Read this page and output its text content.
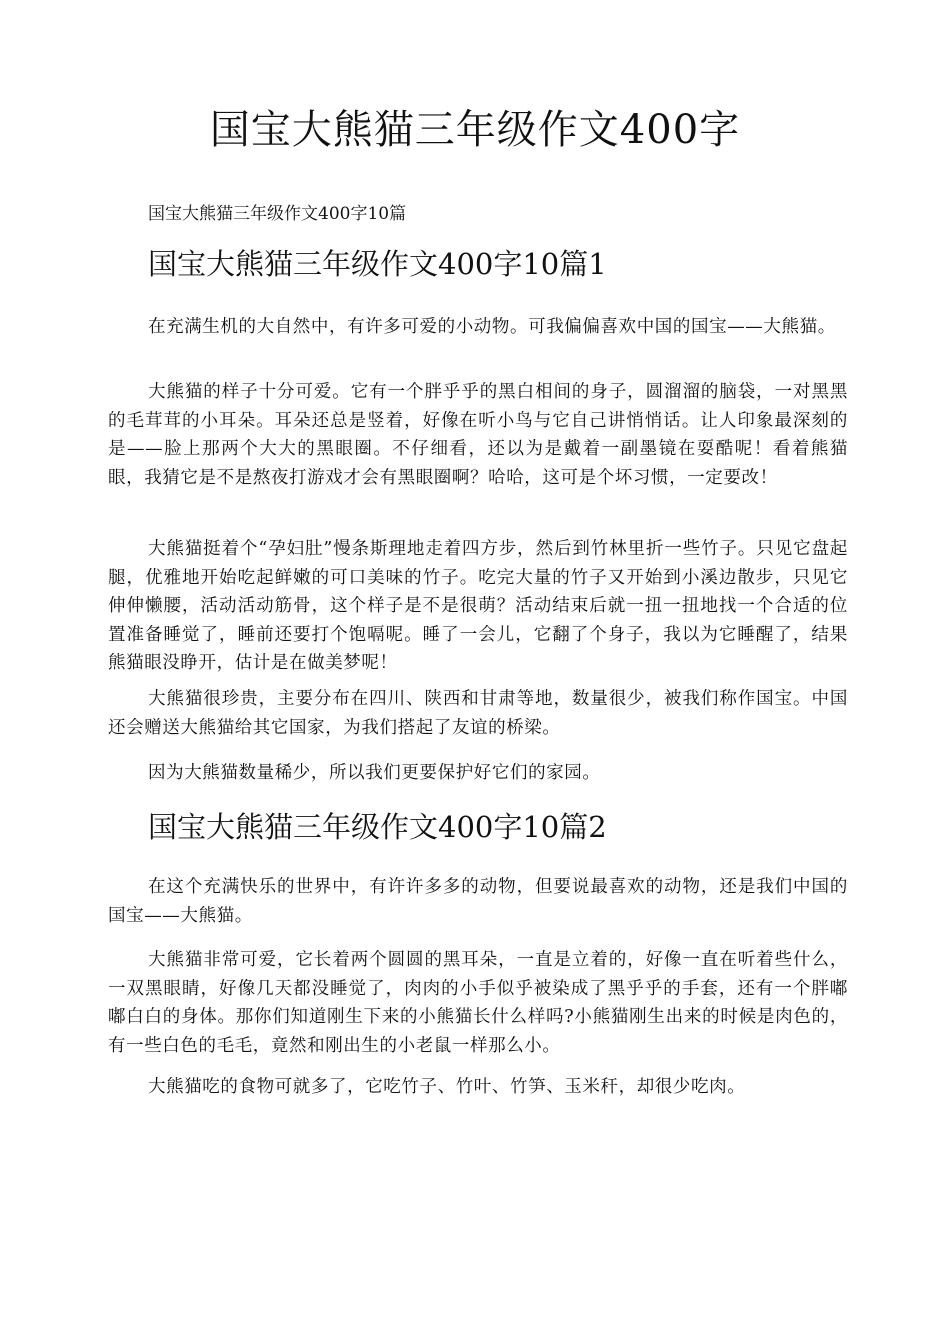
国宝大熊猫三年级作文400字

国宝大熊猫三年级作文400字10篇

国宝大熊猫三年级作文400字10篇1

在充满生机的大自然中，有许多可爱的小动物。可我偏偏喜欢中国的国宝——大熊猫。

大熊猫的样子十分可爱。它有一个胖乎乎的黑白相间的身子，圆溜溜的脑袋，一对黑黑的毛茸茸的小耳朵。耳朵还总是竖着，好像在听小鸟与它自己讲悄悄话。让人印象最深刻的是——脸上那两个大大的黑眼圈。不仔细看，还以为是戴着一副墨镜在耍酷呢！看着熊猫眼，我猜它是不是熬夜打游戏才会有黑眼圈啊？哈哈，这可是个坏习惯，一定要改！

大熊猫挺着个“孕妇肚”慢条斯理地走着四方步，然后到竹林里折一些竹子。只见它盘起腿，优雅地开始吃起鲜嫩的可口美味的竹子。吃完大量的竹子又开始到小溪边散步，只见它伸伸懒腰，活动活动筋骨，这个样子是不是很萌？活动结束后就一扭一扭地找一个合适的位置准备睡觉了，睡前还要打个饱嗝呢。睡了一会儿，它翻了个身子，我以为它睡醒了，结果熊猫眼没睁开，估计是在做美梦呢！

大熊猫很珍贵，主要分布在四川、陕西和甘肃等地，数量很少，被我们称作国宝。中国还会赠送大熊猫给其它国家，为我们搭起了友谊的桥梁。

因为大熊猫数量稀少，所以我们更要保护好它们的家园。

国宝大熊猫三年级作文400字10篇2

在这个充满快乐的世界中，有许许多多的动物，但要说最喜欢的动物，还是我们中国的国宝——大熊猫。

大熊猫非常可爱，它长着两个圆圆的黑耳朵，一直是立着的，好像一直在听着些什么，一双黑眼睛，好像几天都没睡觉了，肉肉的小手似乎被染成了黑乎乎的手套，还有一个胖嘟嘟白白的身体。那你们知道刚生下来的小熊猫长什么样吗?小熊猫刚生出来的时候是肉色的，有一些白色的毛毛，竟然和刚出生的小老鼠一样那么小。

大熊猫吃的食物可就多了，它吃竹子、竹叶、竹笋、玉米秆，却很少吃肉。
